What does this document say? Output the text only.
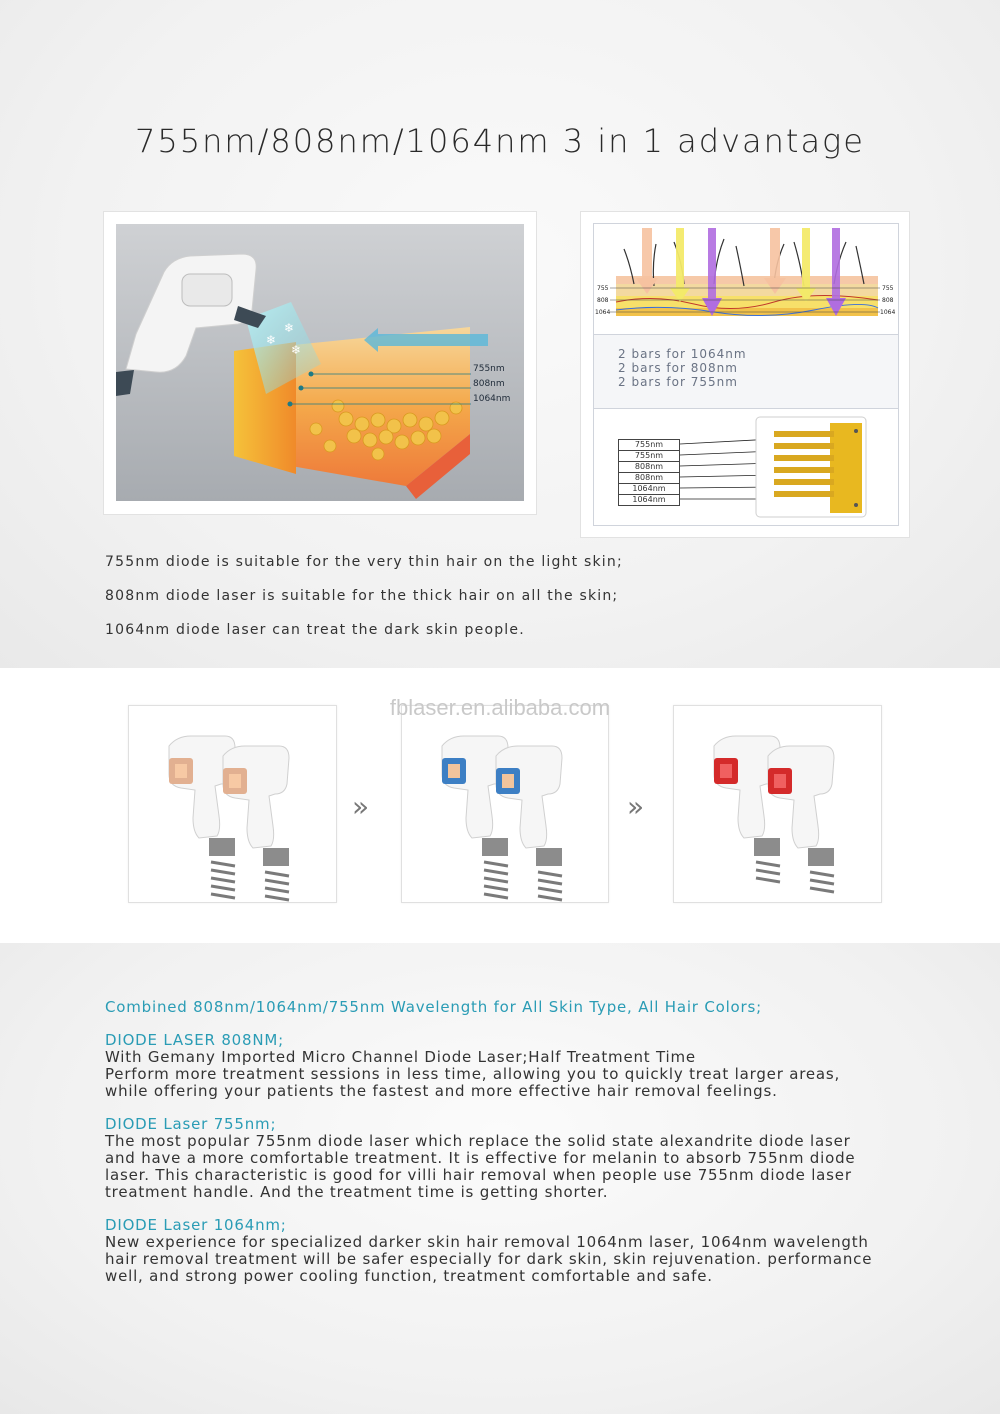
755nm/808nm/1064nm 3 in 1 advantage
❄
❄
❄
755nm
808nm
1064nm
755
808
1064
755
808
1064
2 bars for 1064nm
2 bars for 808nm
2 bars for 755nm
755nm
755nm
808nm
808nm
1064nm
1064nm
755nm diode is suitable for the very thin hair on the light skin;
808nm diode laser is suitable for the thick hair on all the skin;
1064nm diode laser can treat the dark skin people.
»	»
fblaser.en.alibaba.com
Combined 808nm/1064nm/755nm Wavelength for All Skin Type, All Hair Colors;
DIODE LASER 808NM;
With Gemany Imported Micro Channel Diode Laser;Half Treatment Time
Perform more treatment sessions in less time, allowing you to quickly treat larger areas,
while offering your patients the fastest and more effective hair removal feelings.
DIODE Laser 755nm;
The most popular 755nm diode laser which replace the solid state alexandrite diode laser
and have a more comfortable treatment. It is effective for melanin to absorb 755nm diode
laser. This characteristic is good for villi hair removal when people use 755nm diode laser
treatment handle. And the treatment time is getting shorter.
DIODE Laser 1064nm;
New experience for specialized darker skin hair removal 1064nm laser, 1064nm wavelength
hair removal treatment will be safer especially for dark skin, skin rejuvenation. performance
well, and strong power cooling function, treatment comfortable and safe.
